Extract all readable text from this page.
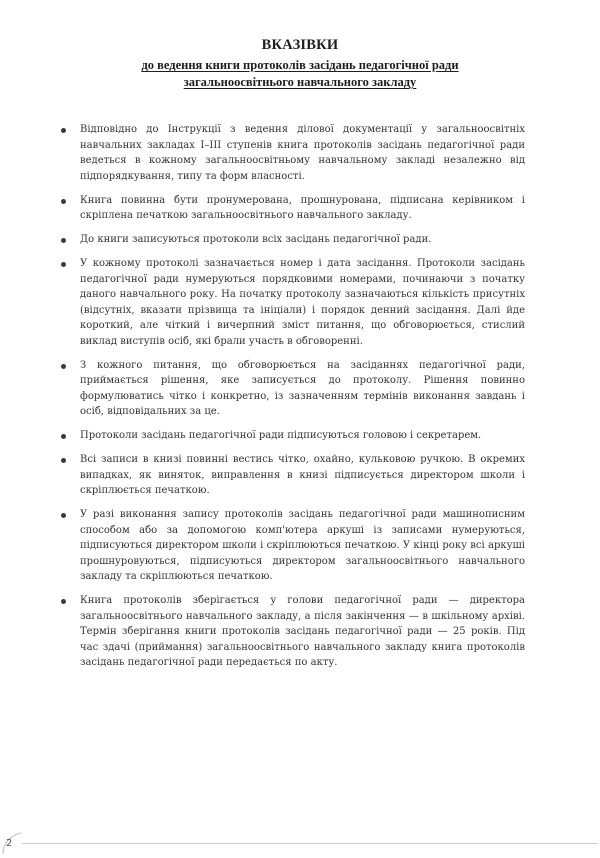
ВКАЗІВКИ
до ведення книги протоколів засідань педагогічної ради
загальноосвітнього навчального закладу
Відповідно до Інструкції з ведення ділової документації у загальноосвітніх навчальних закладах I–III ступенів книга протоколів засідань педагогічної ради ведеться в кожному загальноосвітньому навчальному закладі незалежно від підпорядкування, типу та форм власності.
Книга повинна бути пронумерована, прошнурована, підписана керівником і скріплена печаткою загальноосвітнього навчального закладу.
До книги записуються протоколи всіх засідань педагогічної ради.
У кожному протоколі зазначається номер і дата засідання. Протоколи засідань педагогічної ради нумеруються порядковими номерами, починаючи з початку даного навчального року. На початку протоколу зазначаються кількість присутніх (відсутніх, вказати прізвища та ініціали) і порядок денний засідання. Далі йде короткий, але чіткий і вичерпний зміст питання, що обговорюється, стислий виклад виступів осіб, які брали участь в обговоренні.
З кожного питання, що обговорюється на засіданнях педагогічної ради, приймається рішення, яке записується до протоколу. Рішення повинно формулюватись чітко і конкретно, із зазначенням термінів виконання завдань і осіб, відповідальних за це.
Протоколи засідань педагогічної ради підписуються головою і секретарем.
Всі записи в книзі повинні вестись чітко, охайно, кульковою ручкою. В окремих випадках, як виняток, виправлення в книзі підписується директором школи і скріплюється печаткою.
У разі виконання запису протоколів засідань педагогічної ради машинописним способом або за допомогою комп'ютера аркуші із записами нумеруються, підписуються директором школи і скріплюються печаткою. У кінці року всі аркуші прошнуровуються, підписуються директором загальноосвітнього навчального закладу та скріплюються печаткою.
Книга протоколів зберігається у голови педагогічної ради — директора загальноосвітнього навчального закладу, а після закінчення — в шкільному архіві. Термін зберігання книги протоколів засідань педагогічної ради — 25 років. Під час здачі (приймання) загальноосвітнього навчального закладу книга протоколів засідань педагогічної ради передається по акту.
2
